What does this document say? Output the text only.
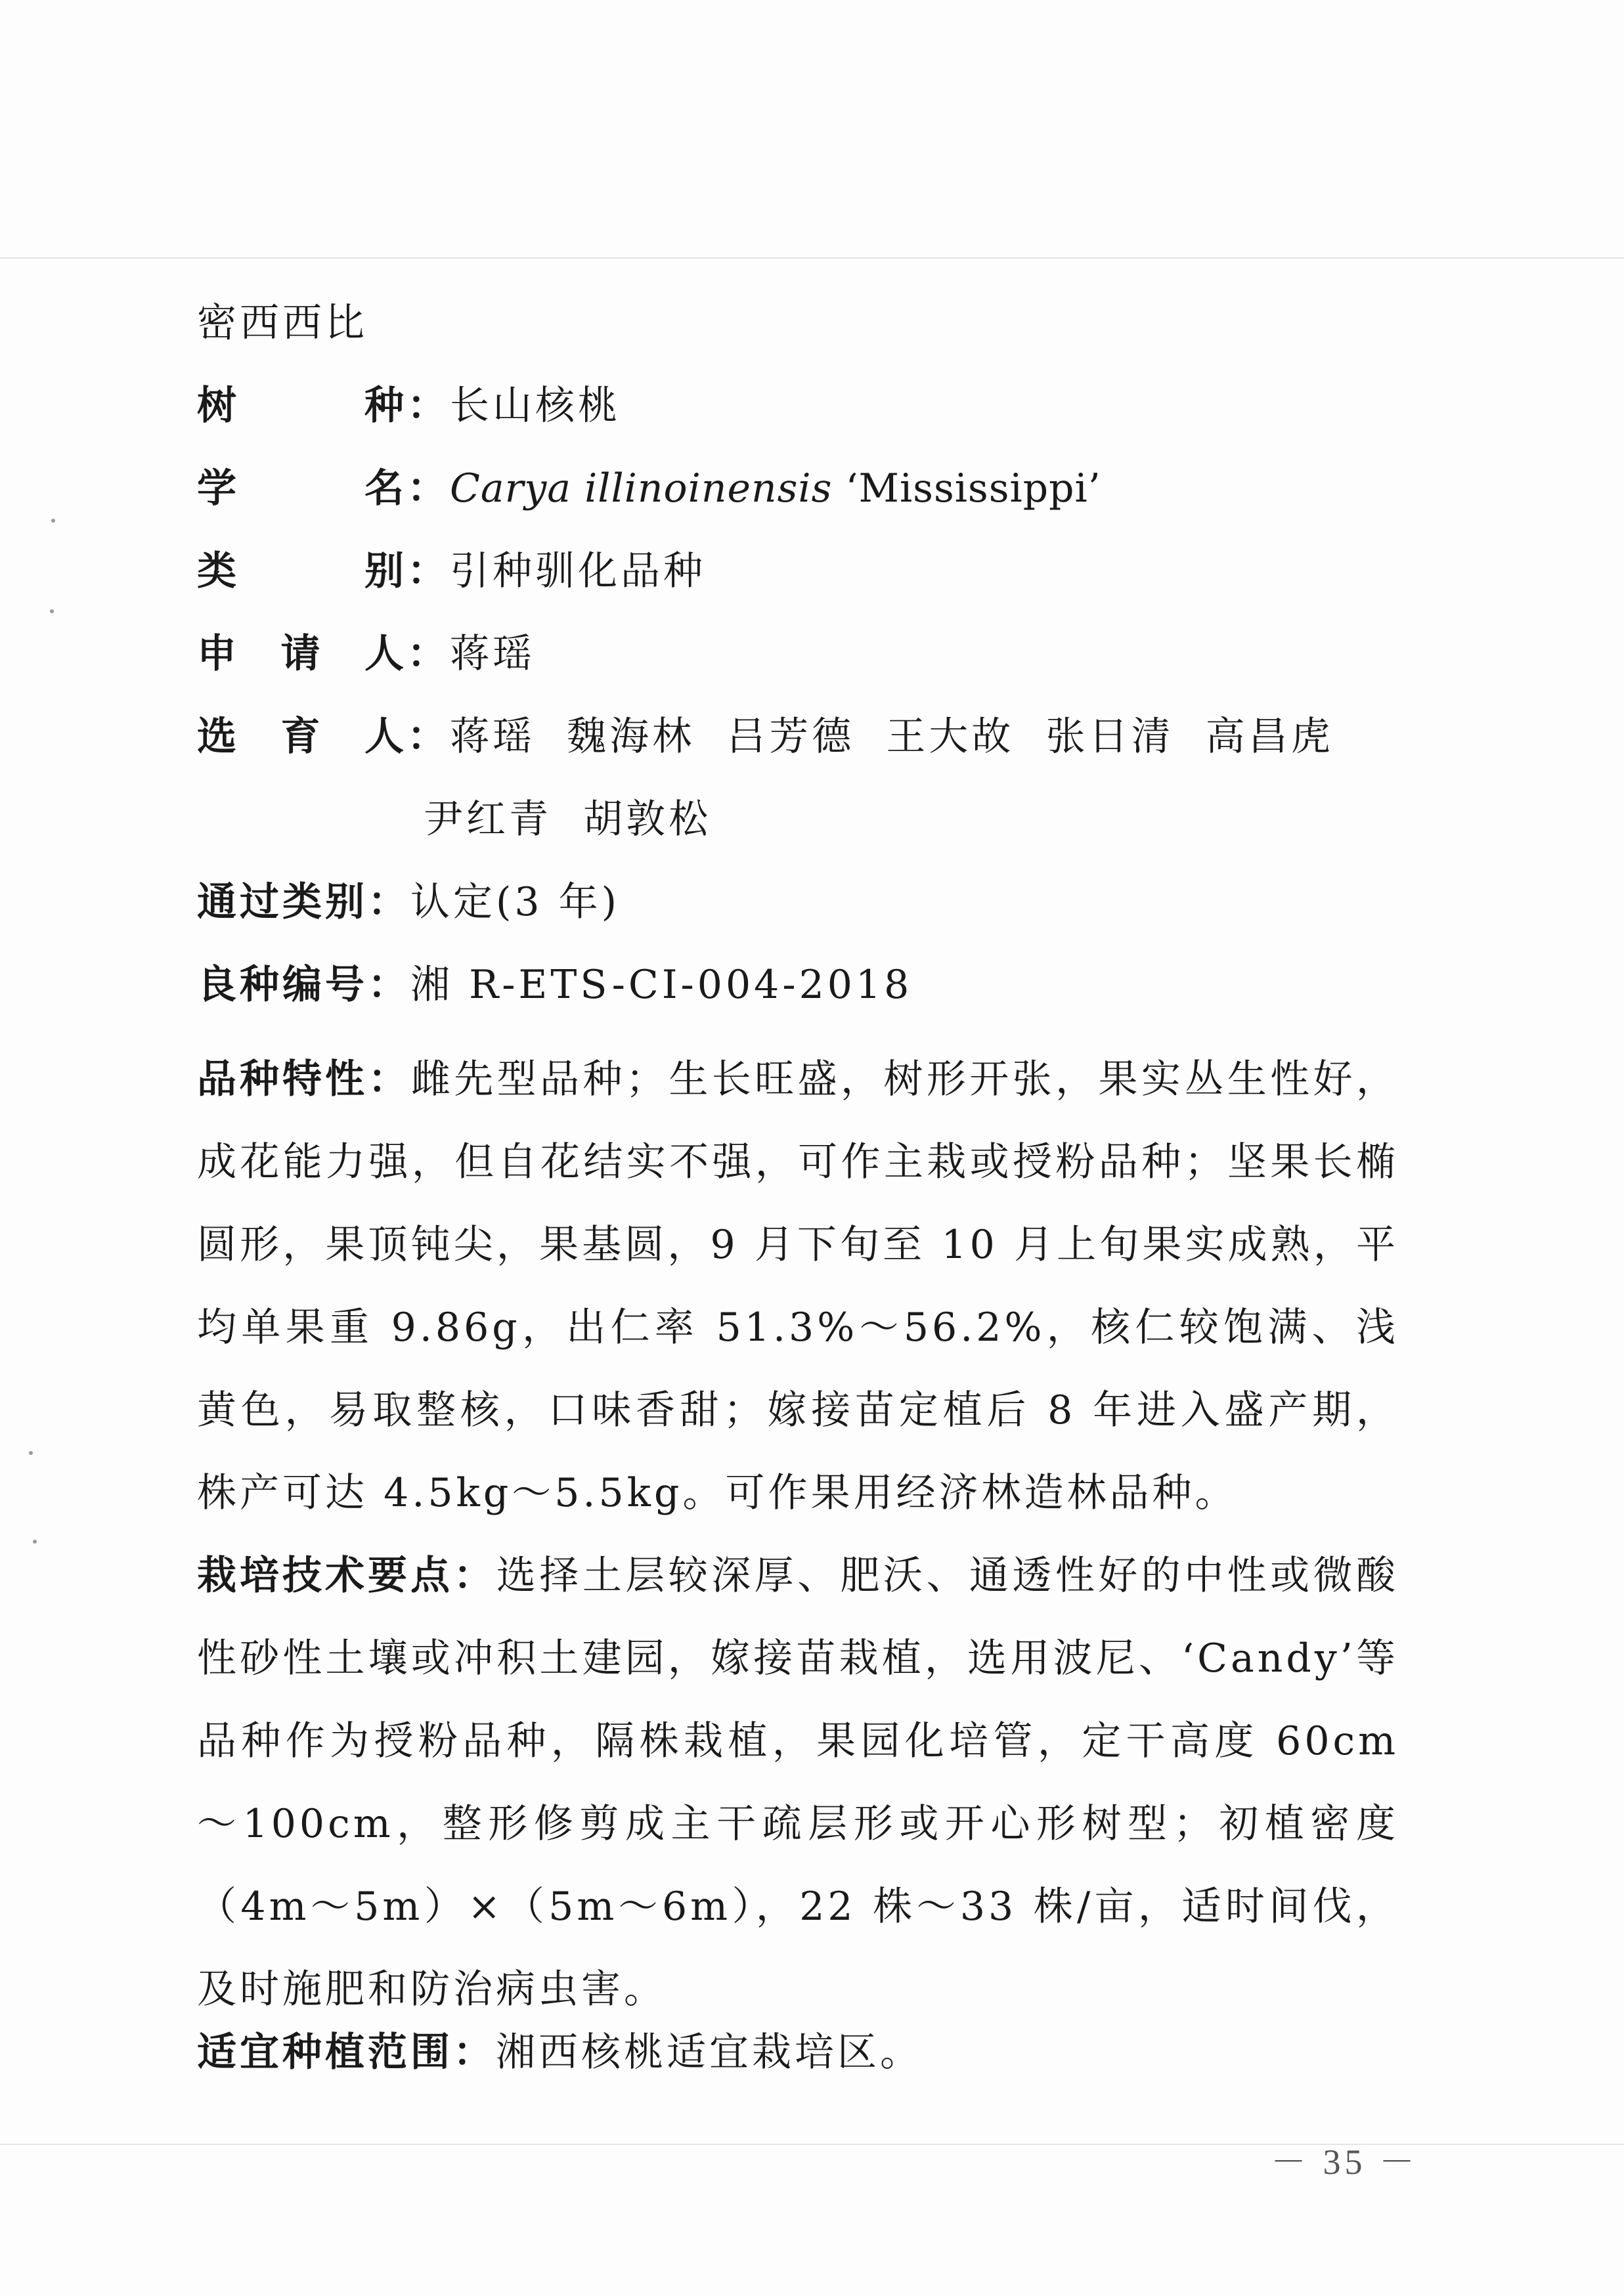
密西西比
树	种 ：长山核桃
学	名 ：Carya illinoinensis ‘Mississippi’
类	别 ：引种驯化品种
申 请 人 ：蒋瑶
选 育 人 ：蒋瑶  魏海林  吕芳德  王大故  张日清  高昌虎
尹红青  胡敦松
通过类别：认定(3 年)
良种编号：湘 R-ETS-CI-004-2018
品种特性：雌先型品种；生长旺盛，树形开张，果实丛生性好，成花能力强，但自花结实不强，可作主栽或授粉品种；坚果长椭圆形，果顶钝尖，果基圆，9 月下旬至 10 月上旬果实成熟，平均单果重 9.86g，出仁率 51.3%～56.2%，核仁较饱满、浅黄色，易取整核，口味香甜；嫁接苗定植后 8 年进入盛产期，株产可达 4.5kg～5.5kg。可作果用经济林造林品种。
栽培技术要点：选择土层较深厚、肥沃、通透性好的中性或微酸性砂性土壤或冲积土建园，嫁接苗栽植，选用波尼、‘Candy’等品种作为授粉品种，隔株栽植，果园化培管，定干高度 60cm～100cm，整形修剪成主干疏层形或开心形树型；初植密度（4m～5m）×（5m～6m），22 株～33 株/亩，适时间伐，及时施肥和防治病虫害。
适宜种植范围：湘西核桃适宜栽培区。
－ 35 －
